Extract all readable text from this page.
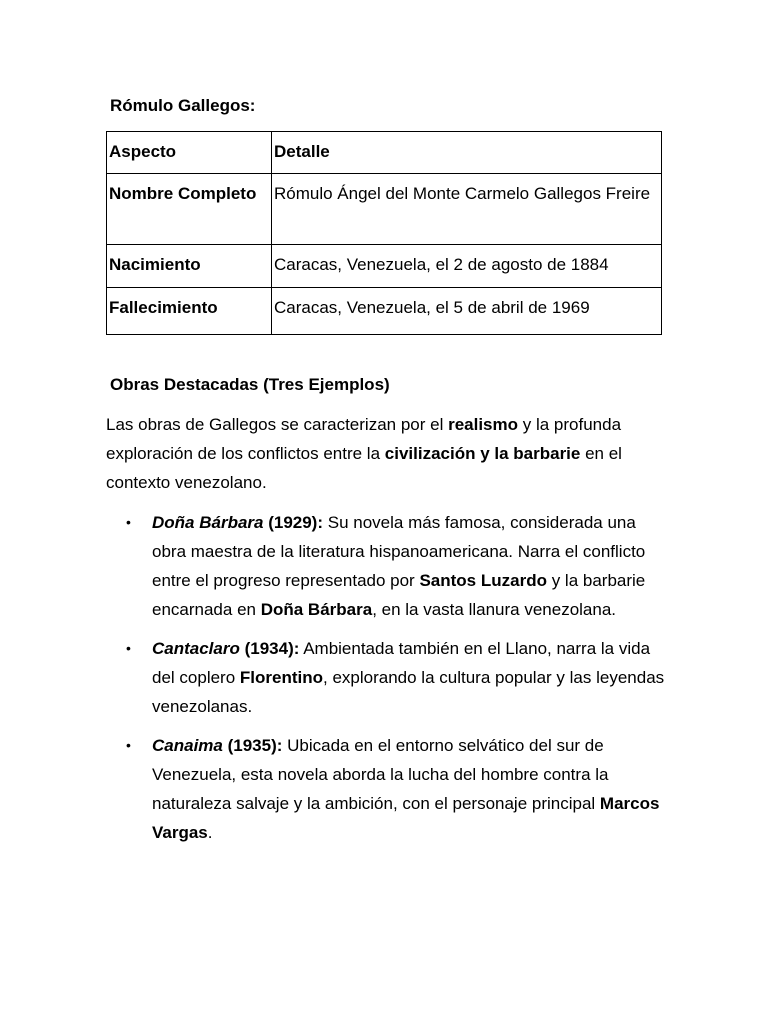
Rómulo Gallegos:
Aspecto	Detalle
Nombre Completo	Rómulo Ángel del Monte Carmelo Gallegos Freire
Nacimiento	Caracas, Venezuela, el 2 de agosto de 1884
Fallecimiento	Caracas, Venezuela, el 5 de abril de 1969
Obras Destacadas (Tres Ejemplos)

Las obras de Gallegos se caracterizan por el realismo y la profunda exploración de los conflictos entre la civilización y la barbarie en el contexto venezolano.

• Doña Bárbara (1929): Su novela más famosa, considerada una obra maestra de la literatura hispanoamericana. Narra el conflicto entre el progreso representado por Santos Luzardo y la barbarie encarnada en Doña Bárbara, en la vasta llanura venezolana.
• Cantaclaro (1934): Ambientada también en el Llano, narra la vida del coplero Florentino, explorando la cultura popular y las leyendas venezolanas.
• Canaima (1935): Ubicada en el entorno selvático del sur de Venezuela, esta novela aborda la lucha del hombre contra la naturaleza salvaje y la ambición, con el personaje principal Marcos Vargas.
